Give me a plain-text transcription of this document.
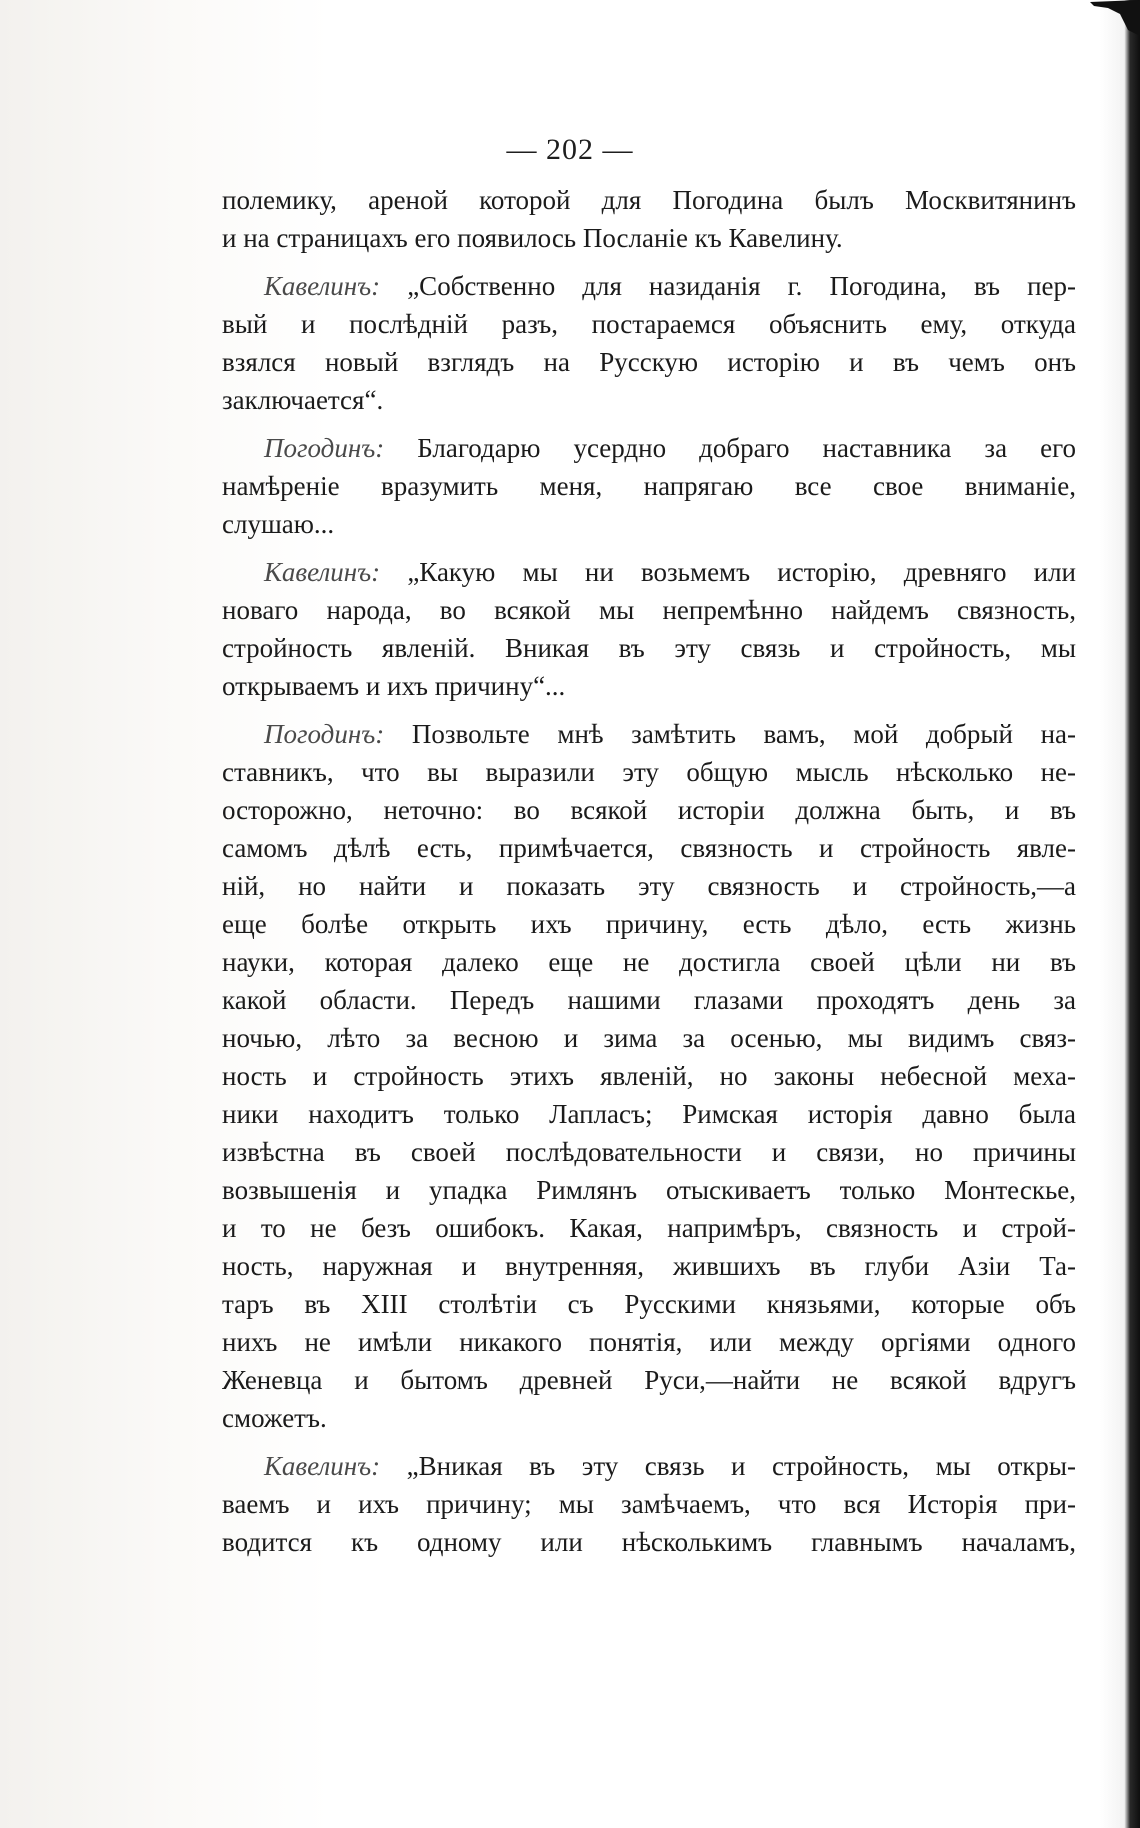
— 202 —
полемику, ареной которой для Погодина былъ Москвитянинъ
и на страницахъ его появилось Посланіе къ Кавелину.
Кавелинъ: „Собственно для назиданія г. Погодина, въ пер-
вый и послѣдній разъ, постараемся объяснить ему, откуда
взялся новый взглядъ на Русскую исторію и въ чемъ онъ
заключается“.
Погодинъ: Благодарю усердно добраго наставника за его
намѣреніе вразумить меня, напрягаю все свое вниманіе,
слушаю...
Кавелинъ: „Какую мы ни возьмемъ исторію, древняго или
новаго народа, во всякой мы непремѣнно найдемъ связность,
стройность явленій. Вникая въ эту связь и стройность, мы
открываемъ и ихъ причину“...
Погодинъ: Позвольте мнѣ замѣтить вамъ, мой добрый на-
ставникъ, что вы выразили эту общую мысль нѣсколько не-
осторожно, неточно: во всякой исторіи должна быть, и въ
самомъ дѣлѣ есть, примѣчается, связность и стройность явле-
ній, но найти и показать эту связность и стройность,—а
еще болѣе открыть ихъ причину, есть дѣло, есть жизнь
науки, которая далеко еще не достигла своей цѣли ни въ
какой области. Передъ нашими глазами проходятъ день за
ночью, лѣто за весною и зима за осенью, мы видимъ связ-
ность и стройность этихъ явленій, но законы небесной меха-
ники находитъ только Лапласъ; Римская исторія давно была
извѣстна въ своей послѣдовательности и связи, но причины
возвышенія и упадка Римлянъ отыскиваетъ только Монтескье,
и то не безъ ошибокъ. Какая, напримѣръ, связность и строй-
ность, наружная и внутренняя, жившихъ въ глуби Азіи Та-
таръ въ XIII столѣтіи съ Русскими князьями, которые объ
нихъ не имѣли никакого понятія, или между оргіями одного
Женевца и бытомъ древней Руси,—найти не всякой вдругъ
сможетъ.
Кавелинъ: „Вникая въ эту связь и стройность, мы откры-
ваемъ и ихъ причину; мы замѣчаемъ, что вся Исторія при-
водится къ одному или нѣсколькимъ главнымъ началамъ,
